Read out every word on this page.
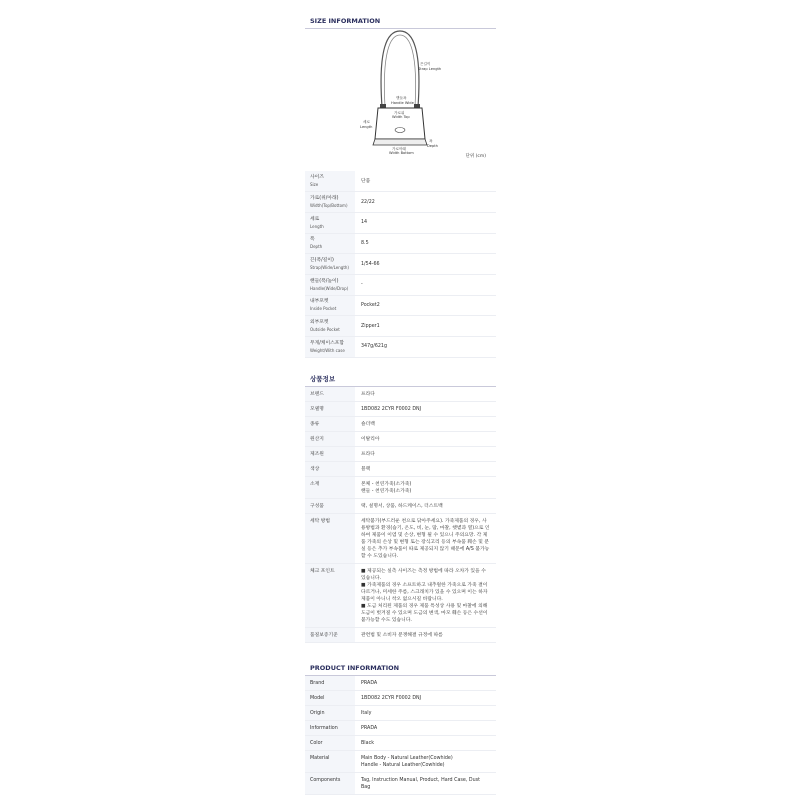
SIZE INFORMATION
끈길이
Strap Length
핸들폭
Handle Wide
가로위
Width Top
세로
Length
폭
Depth
가로아래
Width Bottom
단위 (cm)
사이즈
Size	단품
가로(위/아래)
Width(Top/Bottom)	22/22
세로
Length	14
폭
Depth	8.5
끈(폭/길이)
Strap(Wide/Length)	1/54-66
핸들(폭/높이)
Handle(Wide/Drop)	-
내부포켓
Inside Pocket	Pocket2
외부포켓
Outside Pocket	Zipper1
무게/케이스포함
Weight/With case	347g/621g
상품정보
브랜드	프라다
모델명	1BD082 2CYR F0002 DNJ
종류	숄더백
원산지	이탈리아
제조원	프라다
색상	블랙
소재	본체 - 천연가죽(소가죽)
핸들 - 천연가죽(소가죽)
구성품	택, 설명서, 상품, 하드케이스, 더스트백
세탁 방법	세탁불가(부드러운 천으로 닦아주세요). 가죽제품의 경우, 사용방법과 환경(습기, 온도, 비, 눈, 땀, 마찰, 햇볕과 열)으로 인하여 제품이 이염 및 손상, 변형 될 수 있으니 주의요망. 각 제품 가죽의 손상 및 변형 또는 장식고리 등의 부속품 훼손 및 분실 등은 추가 부속품이 따로 제공되지 않기 때문에 A/S 불가능할 수 도있습니다.
체크 포인트	■ 제공되는 실측 사이즈는 측정 방법에 따라 오차가 있을 수 있습니다.
■ 가죽제품의 경우 소프트하고 내추럴한 가죽으로 가죽 결이 다르거나, 미세한 주름, 스크래치가 있을 수 있으며 이는 하자제품이 아니니 착오 없으시길 바랍니다.
■ 도금 처리된 제품의 경우 제품 특성상 사용 및 마찰에 의해 도금이 벗겨질 수 있으며 도금의 변색, 마모 훼손 등은 수선이 불가능할 수도 있습니다.
품질보증기준	관련법 및 소비자 분쟁해결 규정에 따름
PRODUCT INFORMATION
Brand	PRADA
Model	1BD082 2CYR F0002 DNJ
Origin	Italy
Information	PRADA
Color	Black
Material	Main Body - Natural Leather(Cowhide)
Handle - Natural Leather(Cowhide)
Components	Tag, Instruction Manual, Product, Hard Case, Dust Bag
